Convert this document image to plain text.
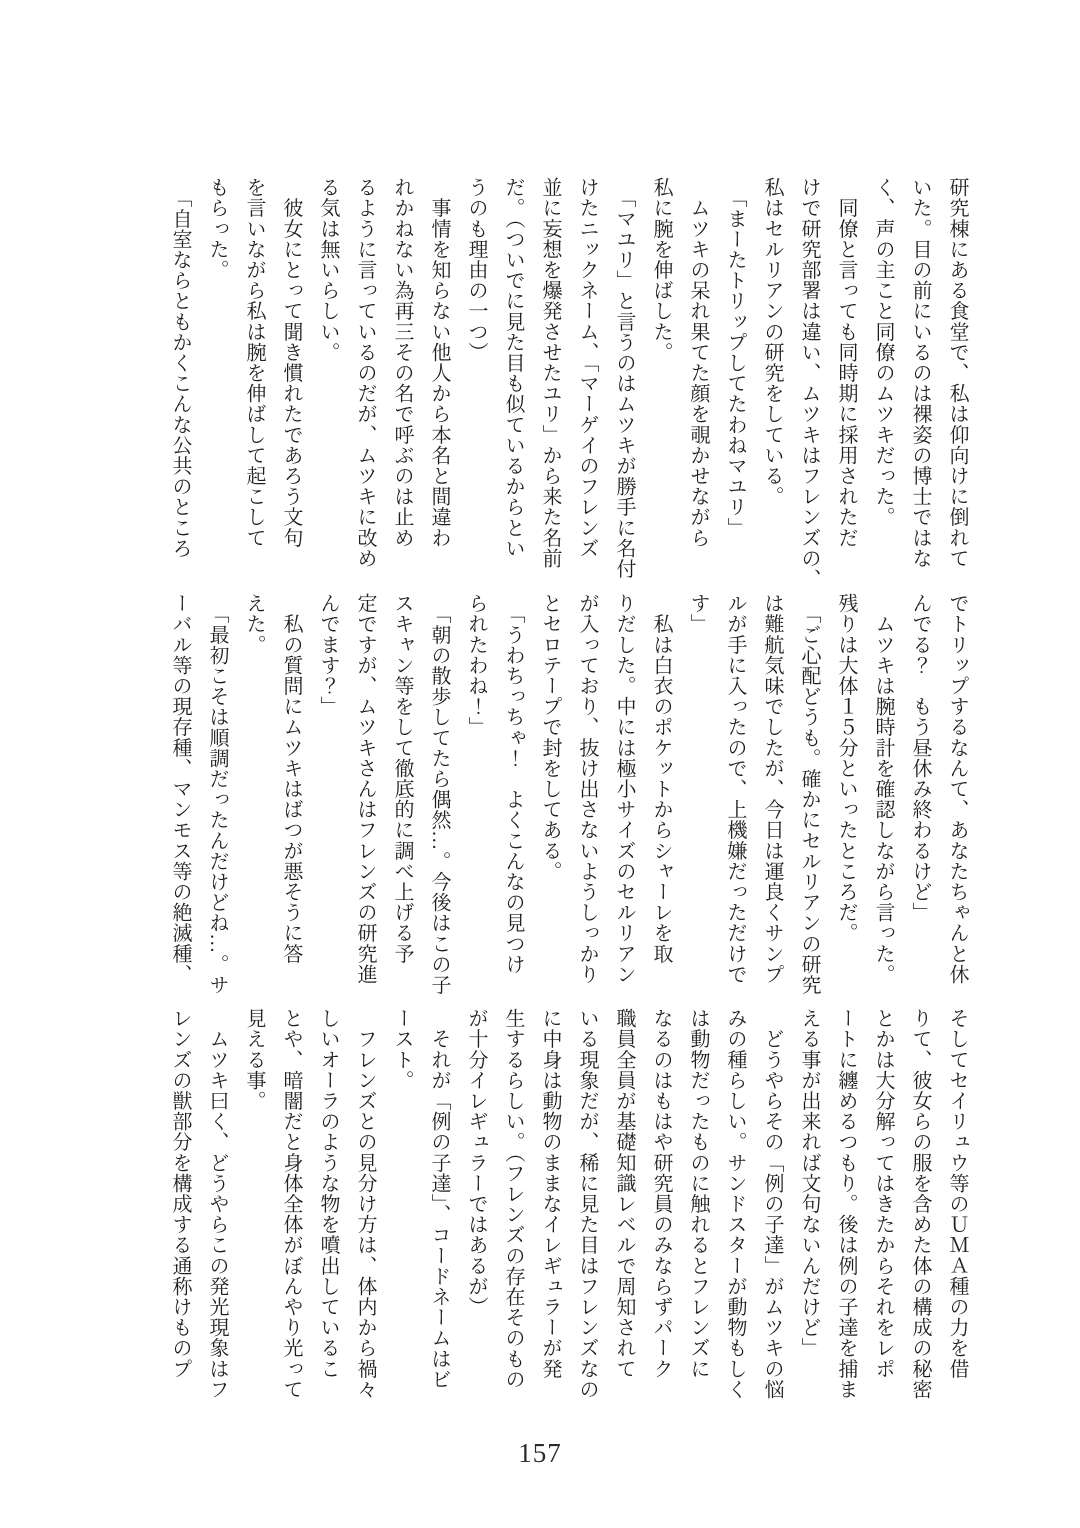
研究棟にある食堂で、私は仰向けに倒れて
いた。目の前にいるのは裸姿の博士ではな
く、声の主こと同僚のムツキだった。
　同僚と言っても同時期に採用されただ
けで研究部署は違い、ムツキはフレンズの、
私はセルリアンの研究をしている。
　「まーたトリップしてたわねマユリ」
　ムツキの呆れ果てた顔を覗かせながら
私に腕を伸ばした。
　「マユリ」と言うのはムツキが勝手に名付
けたニックネーム、「マーゲイのフレンズ
並に妄想を爆発させたユリ」から来た名前
だ。（ついでに見た目も似ているからとい
うのも理由の一つ）
　事情を知らない他人から本名と間違わ
れかねない為再三その名で呼ぶのは止め
るように言っているのだが、ムツキに改め
る気は無いらしい。
　彼女にとって聞き慣れたであろう文句
を言いながら私は腕を伸ばして起こして
もらった。
　「自室ならともかくこんな公共のところ
でトリップするなんて、あなたちゃんと休
んでる？　もう昼休み終わるけど」
　ムツキは腕時計を確認しながら言った。
残りは大体１５分といったところだ。
　「ご心配どうも。確かにセルリアンの研究
は難航気味でしたが、今日は運良くサンプ
ルが手に入ったので、上機嫌だっただけで
す」
　私は白衣のポケットからシャーレを取
りだした。中には極小サイズのセルリアン
が入っており、抜け出さないようしっかり
とセロテープで封をしてある。
　「うわちっちゃ！　よくこんなの見つけ
られたわね！」
　「朝の散歩してたら偶然…。今後はこの子
スキャン等をして徹底的に調べ上げる予
定ですが、ムツキさんはフレンズの研究進
んでます？」
　私の質問にムツキはばつが悪そうに答
えた。
　「最初こそは順調だったんだけどね…。サ
ーバル等の現存種、マンモス等の絶滅種、
そしてセイリュウ等のＵＭＡ種の力を借
りて、彼女らの服を含めた体の構成の秘密
とかは大分解ってはきたからそれをレポ
ートに纏めるつもり。後は例の子達を捕ま
える事が出来れば文句ないんだけど」
　どうやらその「例の子達」がムツキの悩
みの種らしい。サンドスターが動物もしく
は動物だったものに触れるとフレンズに
なるのはもはや研究員のみならずパーク
職員全員が基礎知識レベルで周知されて
いる現象だが、稀に見た目はフレンズなの
に中身は動物のままなイレギュラーが発
生するらしい。（フレンズの存在そのもの
が十分イレギュラーではあるが）
　それが「例の子達」、コードネームはビ
ースト。
　フレンズとの見分け方は、体内から禍々
しいオーラのような物を噴出しているこ
とや、暗闇だと身体全体がぼんやり光って
見える事。
　ムツキ曰く、どうやらこの発光現象はフ
レンズの獣部分を構成する通称けものプ
157
